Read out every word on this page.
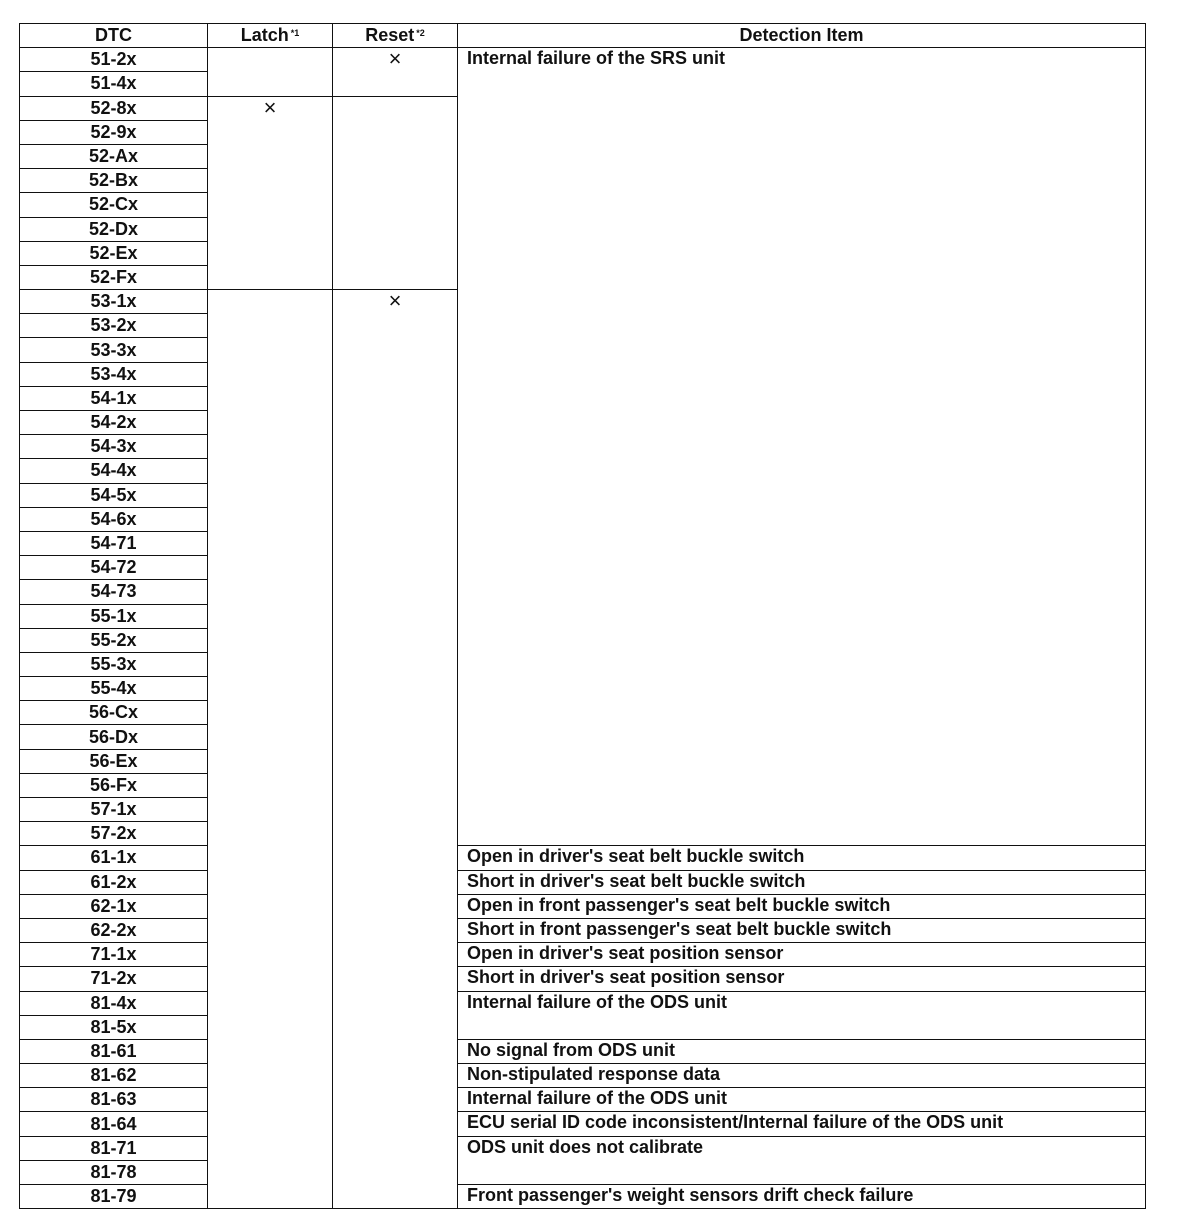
DTC	Latch $^{*1}$	Reset $^{*2}$	Detection Item
51-2x		×	Internal failure of the SRS unit
51-4x			
52-8x	×		
52-9x			
52-Ax			
52-Bx			
52-Cx			
52-Dx			
52-Ex			
52-Fx			
53-1x		×	
53-2x			
53-3x			
53-4x			
54-1x			
54-2x			
54-3x			
54-4x			
54-5x			
54-6x			
54-71			
54-72			
54-73			
55-1x			
55-2x			
55-3x			
55-4x			
56-Cx			
56-Dx			
56-Ex			
56-Fx			
57-1x			
57-2x			
61-1x			Open in driver's seat belt buckle switch
61-2x			Short in driver's seat belt buckle switch
62-1x			Open in front passenger's seat belt buckle switch
62-2x			Short in front passenger's seat belt buckle switch
71-1x			Open in driver's seat position sensor
71-2x			Short in driver's seat position sensor
81-4x			Internal failure of the ODS unit
81-5x			
81-61			No signal from ODS unit
81-62			Non-stipulated response data
81-63			Internal failure of the ODS unit
81-64			ECU serial ID code inconsistent/Internal failure of the ODS unit
81-71			ODS unit does not calibrate
81-78			
81-79			Front passenger's weight sensors drift check failure
